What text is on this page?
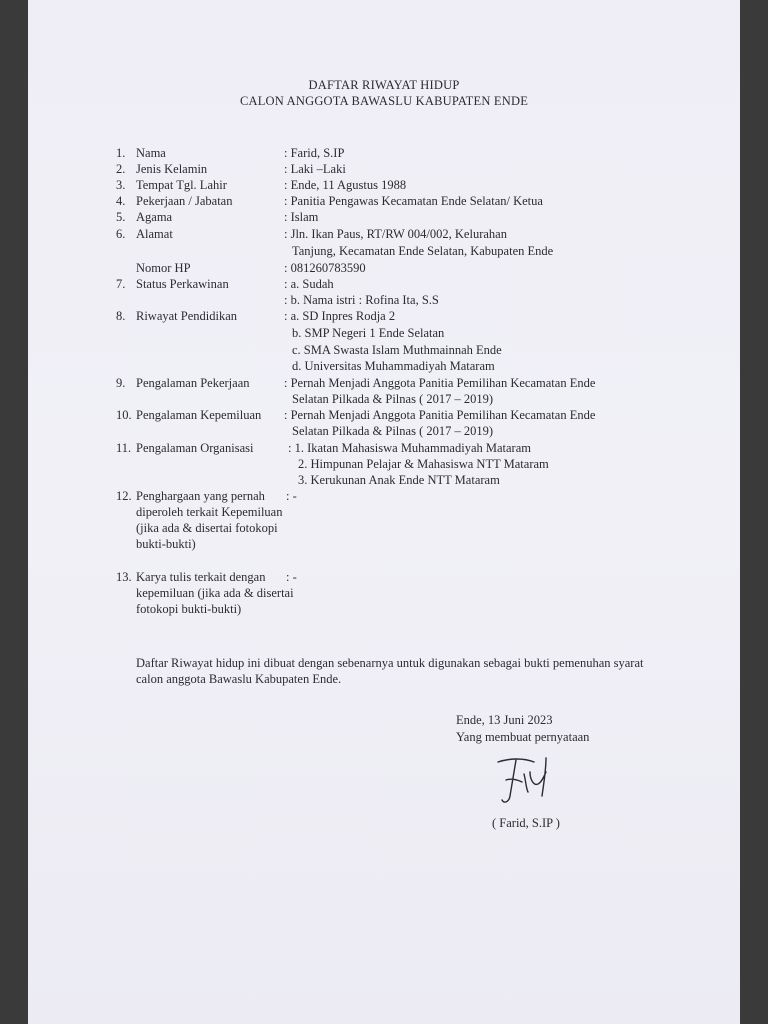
DAFTAR RIWAYAT HIDUP
CALON ANGGOTA BAWASLU KABUPATEN ENDE
1. Nama	: Farid, S.IP
2. Jenis Kelamin	: Laki –Laki
3. Tempat Tgl. Lahir	: Ende, 11 Agustus 1988
4. Pekerjaan / Jabatan	: Panitia Pengawas Kecamatan Ende Selatan/ Ketua
5. Agama	: Islam
6. Alamat	: Jln. Ikan Paus, RT/RW 004/002, Kelurahan
Tanjung, Kecamatan Ende Selatan, Kabupaten Ende
Nomor HP	: 081260783590
7. Status Perkawinan	: a. Sudah
: b. Nama istri : Rofina Ita, S.S
8. Riwayat Pendidikan	: a. SD Inpres Rodja 2
b. SMP Negeri 1 Ende Selatan
c. SMA Swasta Islam Muthmainnah Ende
d. Universitas Muhammadiyah Mataram
9. Pengalaman Pekerjaan	: Pernah Menjadi Anggota Panitia Pemilihan Kecamatan Ende
Selatan Pilkada & Pilnas ( 2017 – 2019)
10. Pengalaman Kepemiluan : Pernah Menjadi Anggota Panitia Pemilihan Kecamatan Ende
Selatan Pilkada & Pilnas ( 2017 – 2019)
11. Pengalaman Organisasi	: 1. Ikatan Mahasiswa Muhammadiyah Mataram
2. Himpunan Pelajar & Mahasiswa NTT Mataram
3. Kerukunan Anak Ende NTT Mataram
12. Penghargaan yang pernah diperoleh terkait Kepemiluan (jika ada & disertai fotokopi bukti-bukti)
: -
13. Karya tulis terkait dengan kepemiluan (jika ada & disertai fotokopi bukti-bukti)
: -
Daftar Riwayat hidup ini dibuat dengan sebenarnya untuk digunakan sebagai bukti pemenuhan syarat calon anggota Bawaslu Kabupaten Ende.
Ende, 13 Juni 2023
Yang membuat pernyataan
( Farid, S.IP )
